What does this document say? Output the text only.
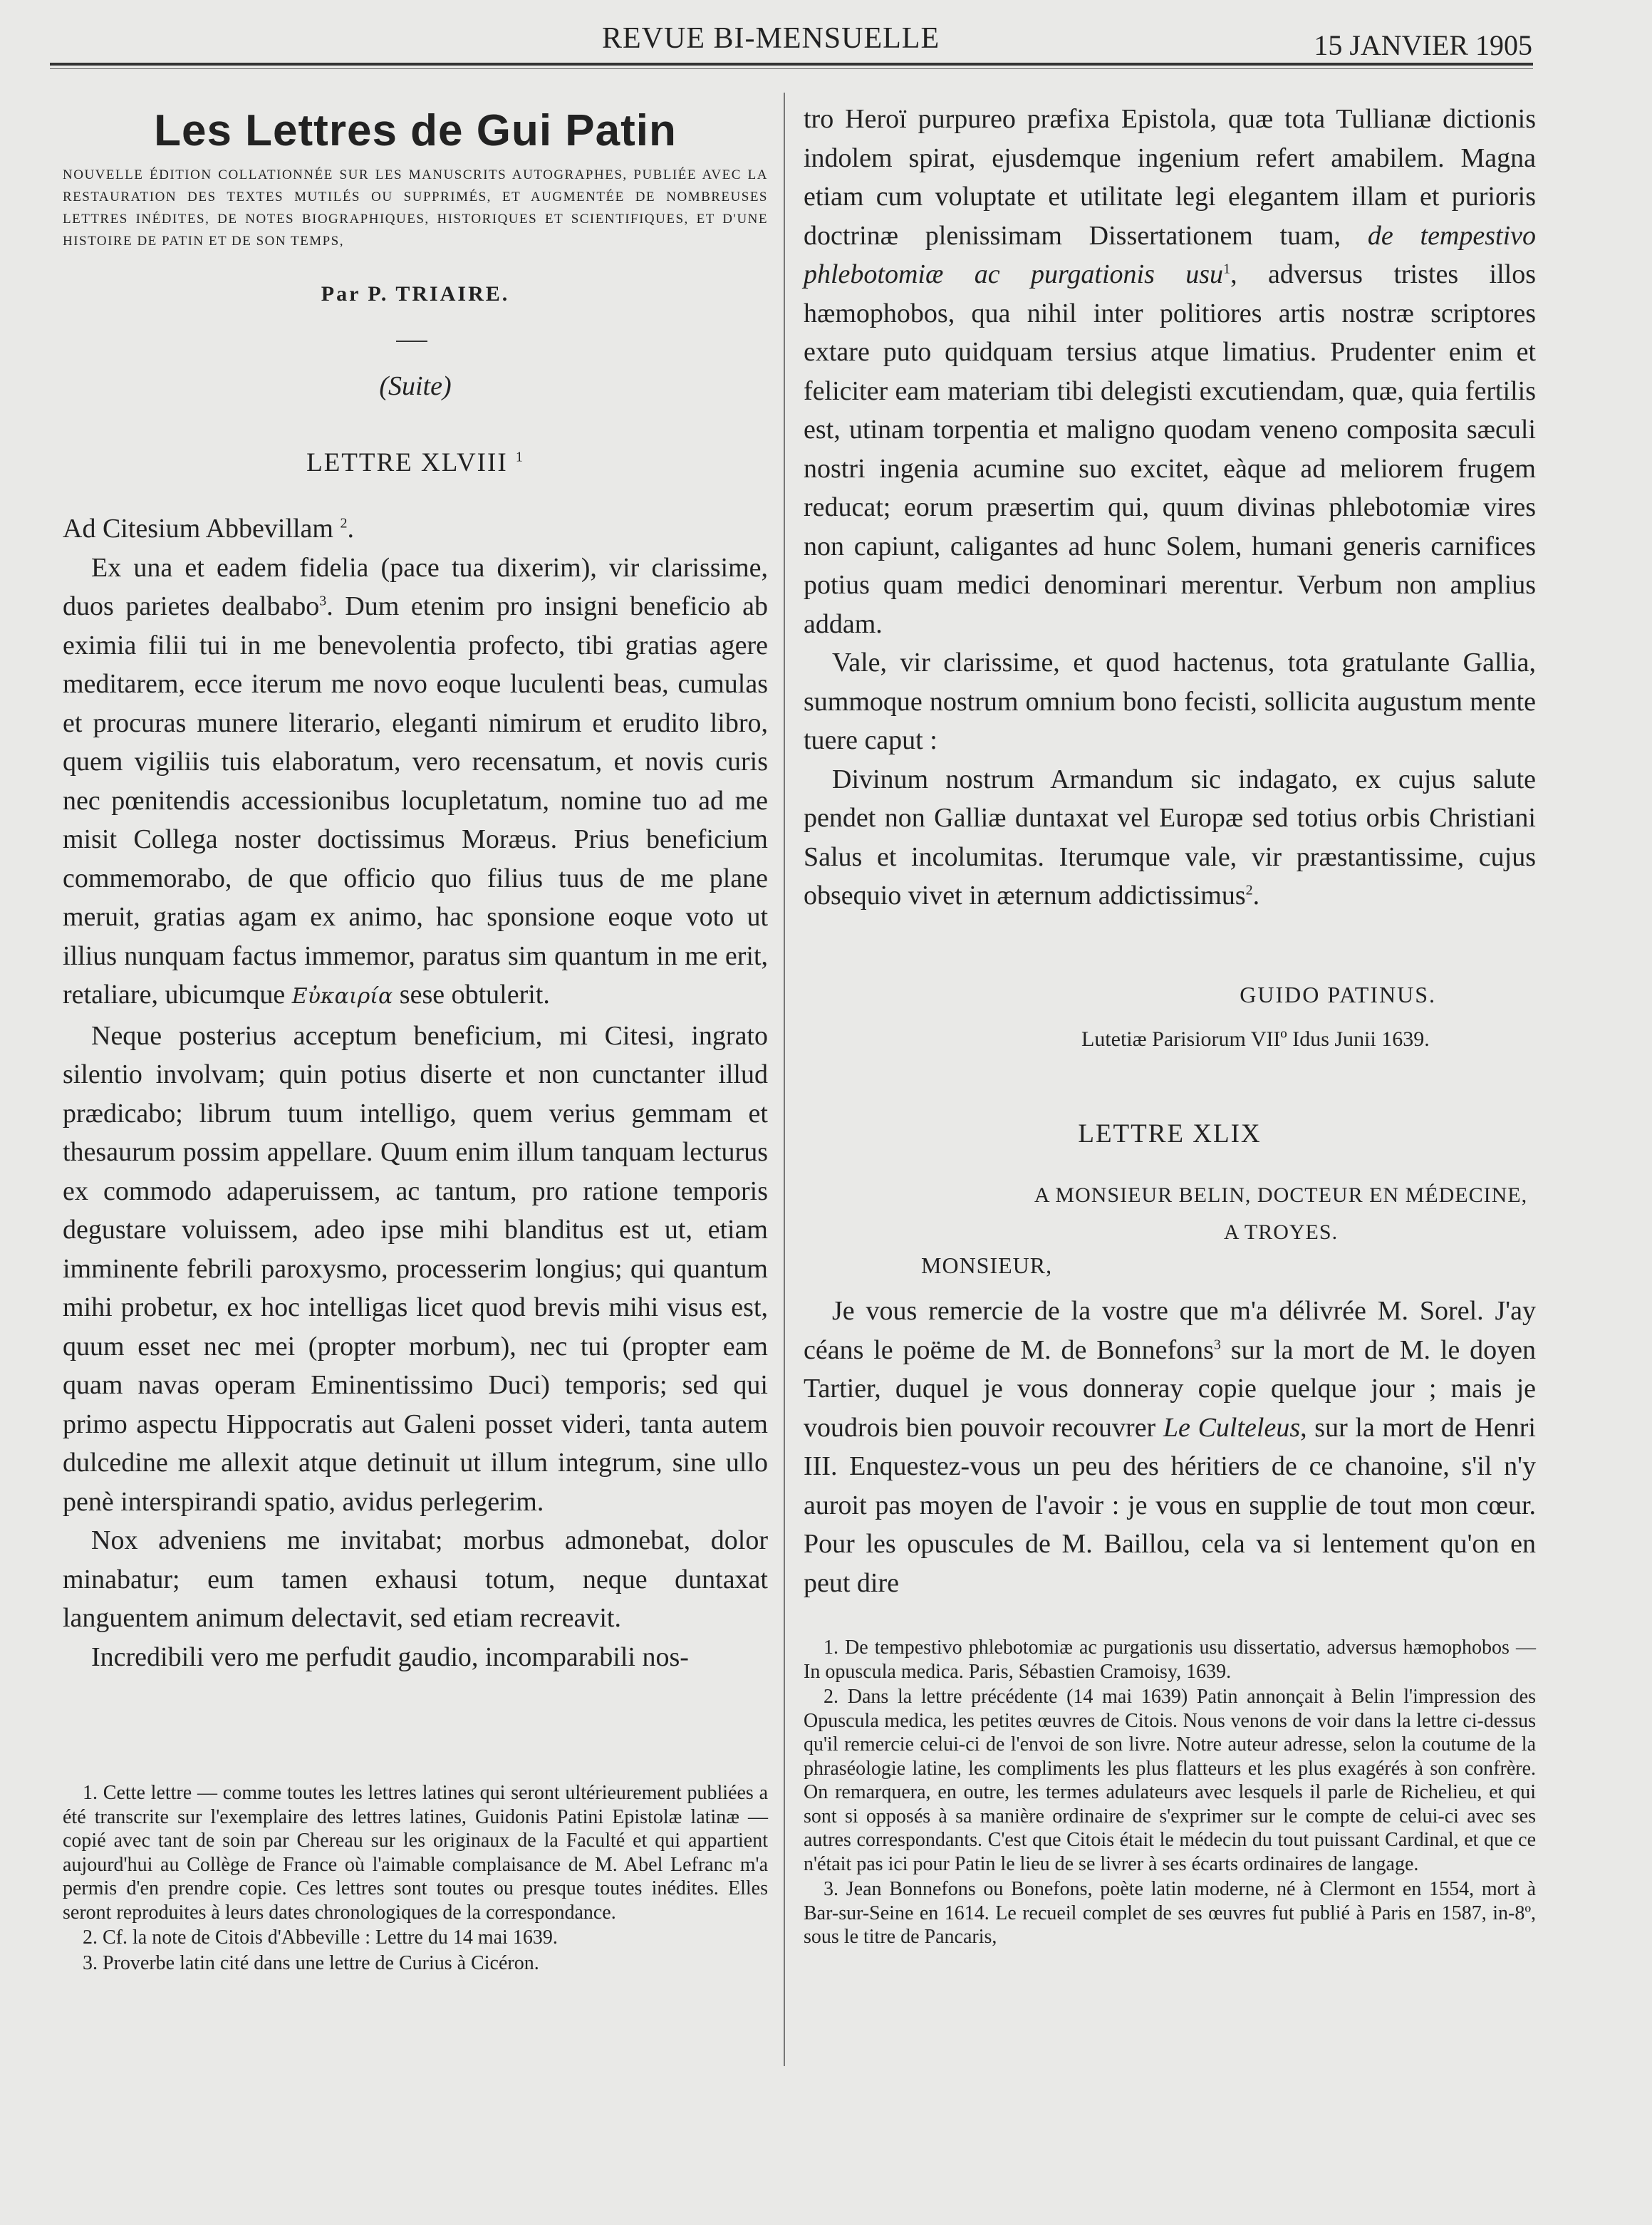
REVUE BI-MENSUELLE	15 JANVIER 1905
Les Lettres de Gui Patin
NOUVELLE ÉDITION COLLATIONNÉE SUR LES MANUSCRITS AUTOGRAPHES, PUBLIÉE AVEC LA RESTAURATION DES TEXTES MUTILÉS OU SUPPRIMÉS, ET AUGMENTÉE DE NOMBREUSES LETTRES INÉDITES, DE NOTES BIOGRAPHIQUES, HISTORIQUES ET SCIENTIFIQUES, ET D'UNE HISTOIRE DE PATIN ET DE SON TEMPS,
Par P. TRIAIRE.
(Suite)
LETTRE XLVIII $^1$

Ad Citesium Abbevillam $^2$.

Ex una et eadem fidelia (pace tua dixerim), vir clarissime, duos parietes dealbabo$^3$. Dum etenim pro insigni beneficio ab eximia filii tui in me benevolentia profecto, tibi gratias agere meditarem, ecce iterum me novo eoque luculenti beas, cumulas et procuras munere literario, eleganti nimirum et erudito libro, quem vigiliis tuis elaboratum, vero recensatum, et novis curis nec pœnitendis accessionibus locupletatum, nomine tuo ad me misit Collega noster doctissimus Moræus. Prius beneficium commemorabo, de que officio quo filius tuus de me plane meruit, gratias agam ex animo, hac sponsione eoque voto ut illius nunquam factus immemor, paratus sim quantum in me erit, retaliare, ubicumque Εὐκαιρία sese obtulerit.

Neque posterius acceptum beneficium, mi Citesi, ingrato silentio involvam; quin potius diserte et non cunctanter illud prædicabo; librum tuum intelligo, quem verius gemmam et thesaurum possim appellare. Quum enim illum tanquam lecturus ex commodo adaperuissem, ac tantum, pro ratione temporis degustare voluissem, adeo ipse mihi blanditus est ut, etiam imminente febrili paroxysmo, processerim longius; qui quantum mihi probetur, ex hoc intelligas licet quod brevis mihi visus est, quum esset nec mei (propter morbum), nec tui (propter eam quam navas operam Eminentissimo Duci) temporis; sed qui primo aspectu Hippocratis aut Galeni posset videri, tanta autem dulcedine me allexit atque detinuit ut illum integrum, sine ullo penè interspirandi spatio, avidus perlegerim.

Nox adveniens me invitabat; morbus admonebat, dolor minabatur; eum tamen exhausi totum, neque duntaxat languentem animum delectavit, sed etiam recreavit.

Incredibili vero me perfudit gaudio, incomparabili nos-

1. Cette lettre — comme toutes les lettres latines qui seront ultérieurement publiées a été transcrite sur l'exemplaire des lettres latines, Guidonis Patini Epistolæ latinæ — copié avec tant de soin par Chereau sur les originaux de la Faculté et qui appartient aujourd'hui au Collège de France où l'aimable complaisance de M. Abel Lefranc m'a permis d'en prendre copie. Ces lettres sont toutes ou presque toutes inédites. Elles seront reproduites à leurs dates chronologiques de la correspondance.

2. Cf. la note de Citois d'Abbeville : Lettre du 14 mai 1639.

3. Proverbe latin cité dans une lettre de Curius à Cicéron.

tro Heroï purpureo præfixa Epistola, quæ tota Tullianæ dictionis indolem spirat, ejusdemque ingenium refert amabilem. Magna etiam cum voluptate et utilitate legi elegantem illam et purioris doctrinæ plenissimam Dissertationem tuam, de tempestivo phlebotomiæ ac purgationis usu$^1$, adversus tristes illos hæmophobos, qua nihil inter politiores artis nostræ scriptores extare puto quidquam tersius atque limatius. Prudenter enim et feliciter eam materiam tibi delegisti excutiendam, quæ, quia fertilis est, utinam torpentia et maligno quodam veneno composita sæculi nostri ingenia acumine suo excitet, eàque ad meliorem frugem reducat; eorum præsertim qui, quum divinas phlebotomiæ vires non capiunt, caligantes ad hunc Solem, humani generis carnifices potius quam medici denominari merentur. Verbum non amplius addam.

Vale, vir clarissime, et quod hactenus, tota gratulante Gallia, summoque nostrum omnium bono fecisti, sollicita augustum mente tuere caput :

Divinum nostrum Armandum sic indagato, ex cujus salute pendet non Galliæ duntaxat vel Europæ sed totius orbis Christiani Salus et incolumitas. Iterumque vale, vir præstantissime, cujus obsequio vivet in æternum addictissimus$^2$.

GUIDO PATINUS.
Lutetiæ Parisiorum VIIº Idus Junii 1639.
LETTRE XLIX
A MONSIEUR BELIN, DOCTEUR EN MÉDECINE,
A TROYES.
MONSIEUR,

Je vous remercie de la vostre que m'a délivrée M. Sorel. J'ay céans le poëme de M. de Bonnefons$^3$ sur la mort de M. le doyen Tartier, duquel je vous donneray copie quelque jour ; mais je voudrois bien pouvoir recouvrer Le Culteleus, sur la mort de Henri III. Enquestez-vous un peu des héritiers de ce chanoine, s'il n'y auroit pas moyen de l'avoir : je vous en supplie de tout mon cœur. Pour les opuscules de M. Baillou, cela va si lentement qu'on en peut dire

1. De tempestivo phlebotomiæ ac purgationis usu dissertatio, adversus hæmophobos — In opuscula medica. Paris, Sébastien Cramoisy, 1639.

2. Dans la lettre précédente (14 mai 1639) Patin annonçait à Belin l'impression des Opuscula medica, les petites œuvres de Citois. Nous venons de voir dans la lettre ci-dessus qu'il remercie celui-ci de l'envoi de son livre. Notre auteur adresse, selon la coutume de la phraséologie latine, les compliments les plus flatteurs et les plus exagérés à son confrère. On remarquera, en outre, les termes adulateurs avec lesquels il parle de Richelieu, et qui sont si opposés à sa manière ordinaire de s'exprimer sur le compte de celui-ci avec ses autres correspondants. C'est que Citois était le médecin du tout puissant Cardinal, et que ce n'était pas ici pour Patin le lieu de se livrer à ses écarts ordinaires de langage.

3. Jean Bonnefons ou Bonefons, poète latin moderne, né à Clermont en 1554, mort à Bar-sur-Seine en 1614. Le recueil complet de ses œuvres fut publié à Paris en 1587, in-8º, sous le titre de Pancaris,
